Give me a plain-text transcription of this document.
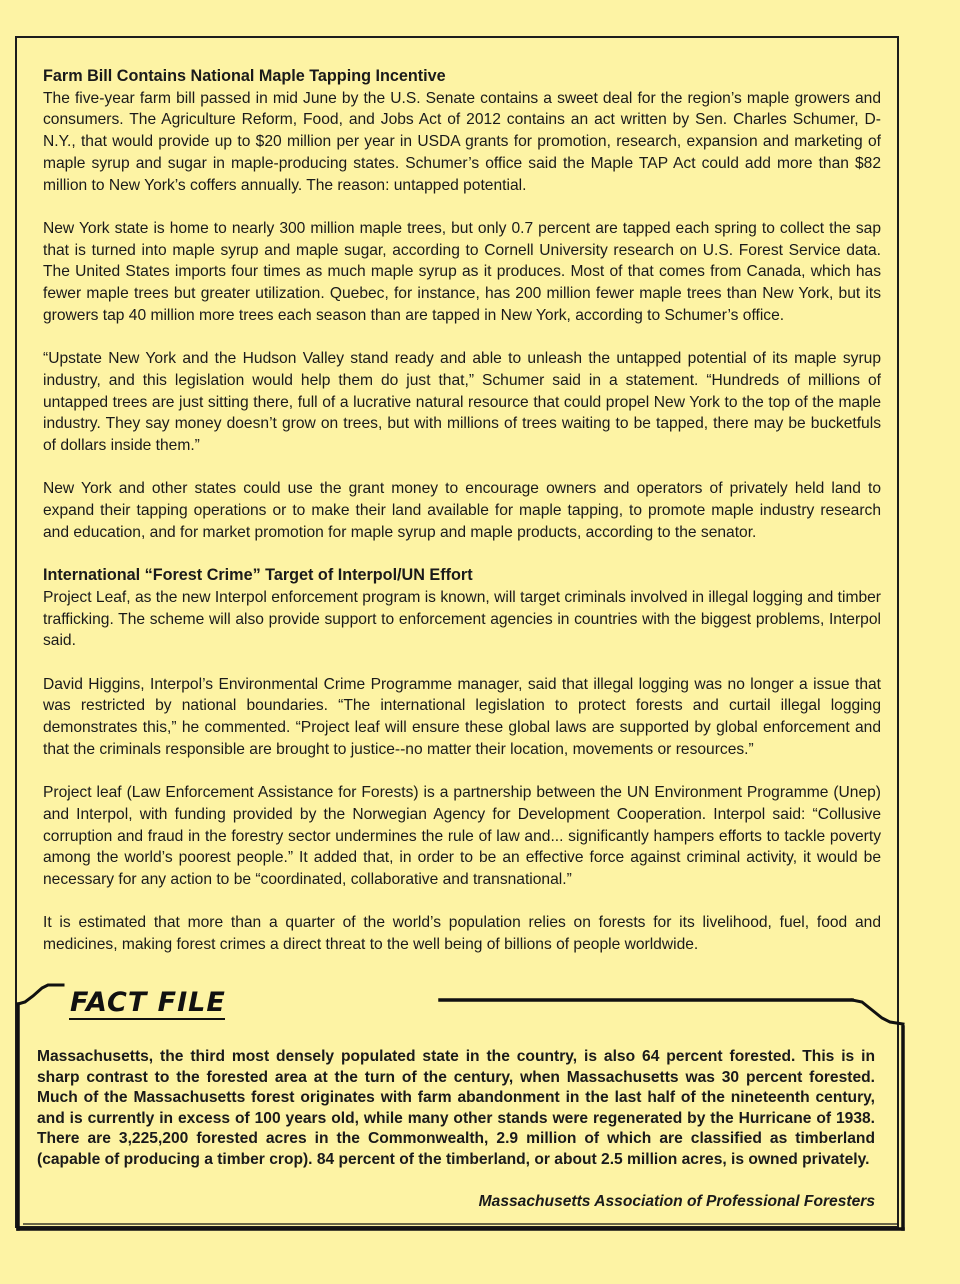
Farm Bill Contains National Maple Tapping Incentive

The five-year farm bill passed in mid June by the U.S. Senate contains a sweet deal for the region’s maple growers and consumers. The Agriculture Reform, Food, and Jobs Act of 2012 contains an act written by Sen. Charles Schumer, D-N.Y., that would provide up to $20 million per year in USDA grants for promotion, research, expansion and marketing of maple syrup and sugar in maple-producing states. Schumer’s office said the Maple TAP Act could add more than $82 million to New York’s coffers annually. The reason: untapped potential.

New York state is home to nearly 300 million maple trees, but only 0.7 percent are tapped each spring to collect the sap that is turned into maple syrup and maple sugar, according to Cornell University research on U.S. Forest Service data. The United States imports four times as much maple syrup as it produces. Most of that comes from Canada, which has fewer maple trees but greater utilization. Quebec, for instance, has 200 million fewer maple trees than New York, but its growers tap 40 million more trees each season than are tapped in New York, according to Schumer’s office.

“Upstate New York and the Hudson Valley stand ready and able to unleash the untapped potential of its maple syrup industry, and this legislation would help them do just that,” Schumer said in a statement. “Hundreds of millions of untapped trees are just sitting there, full of a lucrative natural resource that could propel New York to the top of the maple industry. They say money doesn’t grow on trees, but with millions of trees waiting to be tapped, there may be bucketfuls of dollars inside them.”

New York and other states could use the grant money to encourage owners and operators of privately held land to expand their tapping operations or to make their land available for maple tapping, to promote maple industry research and education, and for market promotion for maple syrup and maple products, according to the senator.

International “Forest Crime” Target of Interpol/UN Effort

Project Leaf, as the new Interpol enforcement program is known, will target criminals involved in illegal logging and timber trafficking. The scheme will also provide support to enforcement agencies in countries with the biggest problems, Interpol said.

David Higgins, Interpol’s Environmental Crime Programme manager, said that illegal logging was no longer a issue that was restricted by national boundaries. “The international legislation to protect forests and curtail illegal logging demonstrates this,” he commented. “Project leaf will ensure these global laws are supported by global enforcement and that the criminals responsible are brought to justice--no matter their location, movements or resources.”

Project leaf (Law Enforcement Assistance for Forests) is a partnership between the UN Environment Programme (Unep) and Interpol, with funding provided by the Norwegian Agency for Development Cooperation. Interpol said: “Collusive corruption and fraud in the forestry sector undermines the rule of law and... significantly hampers efforts to tackle poverty among the world’s poorest people.” It added that, in order to be an effective force against criminal activity, it would be necessary for any action to be “coordinated, collaborative and transnational.”

It is estimated that more than a quarter of the world’s population relies on forests for its livelihood, fuel, food and medicines, making forest crimes a direct threat to the well being of billions of people worldwide.

FACT FILE

Massachusetts, the third most densely populated state in the country, is also 64 percent forested. This is in sharp contrast to the forested area at the turn of the century, when Massachusetts was 30 percent forested. Much of the Massachusetts forest originates with farm abandonment in the last half of the nineteenth century, and is currently in excess of 100 years old, while many other stands were regenerated by the Hurricane of 1938. There are 3,225,200 forested acres in the Commonwealth, 2.9 million of which are classified as timberland (capable of producing a timber crop). 84 percent of the timberland, or about 2.5 million acres, is owned privately.

Massachusetts Association of Professional Foresters
